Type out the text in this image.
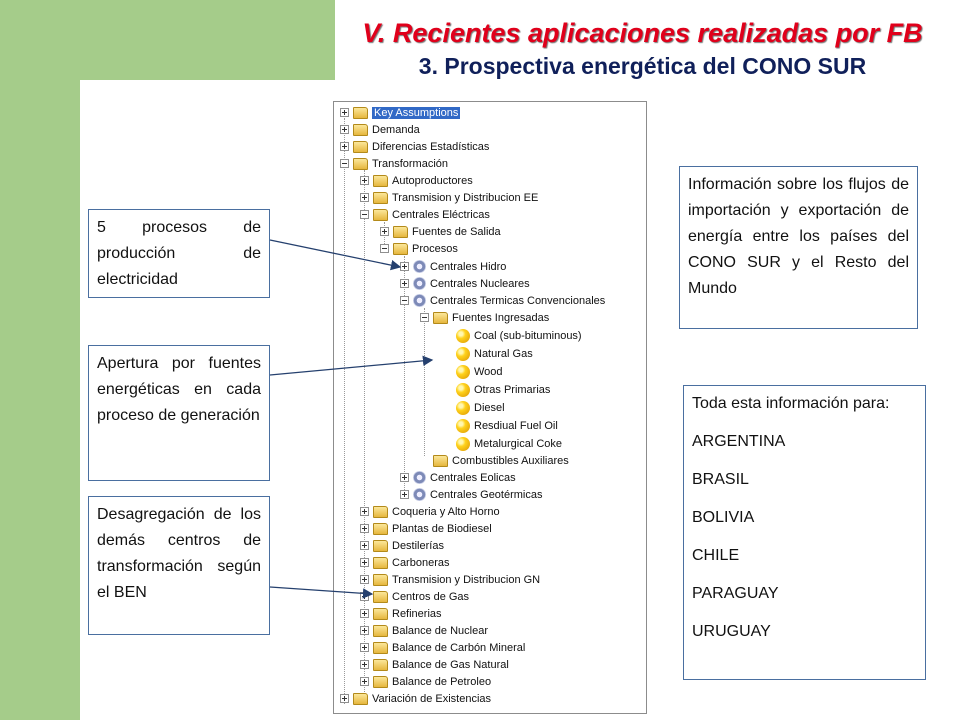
V. Recientes aplicaciones realizadas por FB
3. Prospectiva energética del CONO SUR
Key Assumptions
Demanda
Diferencias Estadísticas
Transformación
Autoproductores
Transmision y Distribucion EE
Centrales Eléctricas
Fuentes de Salida
Procesos
Centrales Hidro
Centrales Nucleares
Centrales Termicas Convencionales
Fuentes Ingresadas
Coal (sub-bituminous)
Natural Gas
Wood
Otras Primarias
Diesel
Resdiual Fuel Oil
Metalurgical Coke
Combustibles Auxiliares
Centrales Eolicas
Centrales Geotérmicas
Coqueria y Alto Horno
Plantas de Biodiesel
Destilerías
Carboneras
Transmision y Distribucion GN
Centros de Gas
Refinerias
Balance de Nuclear
Balance de Carbón Mineral
Balance de Gas Natural
Balance de Petroleo
Variación de Existencias

5 procesos de producción de electricidad

Apertura por fuentes energéticas en cada proceso de generación

Desagregación de los demás centros de transformación según el BEN

Información sobre los flujos de importación y exportación de energía entre los países del CONO SUR y el Resto del Mundo

Toda esta información para:

ARGENTINA

BRASIL

BOLIVIA

CHILE

PARAGUAY

URUGUAY
